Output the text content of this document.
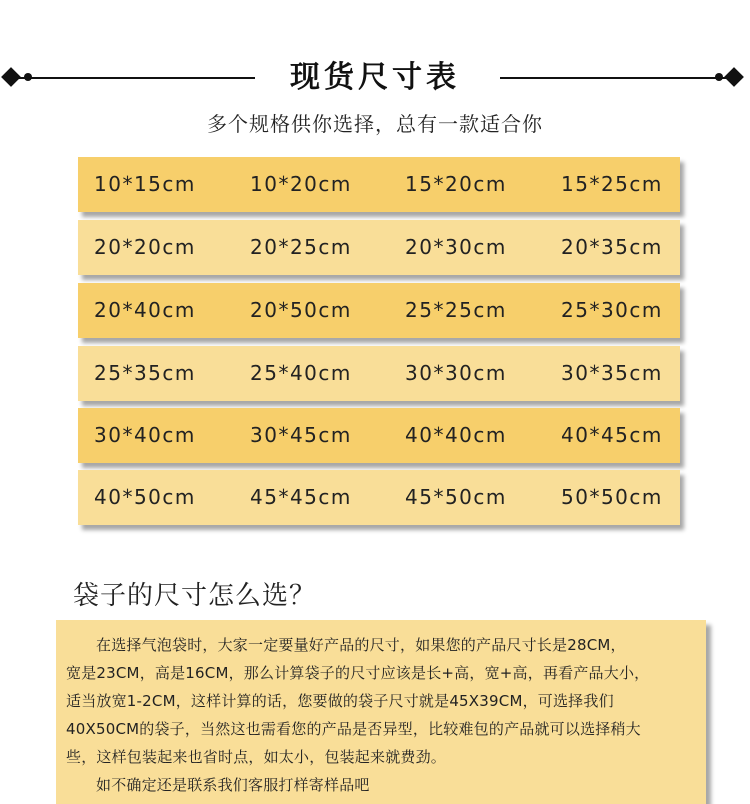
现货尺寸表
多个规格供你选择，总有一款适合你
10*15cm	10*20cm	15*20cm	15*25cm
20*20cm	20*25cm	20*30cm	20*35cm
20*40cm	20*50cm	25*25cm	25*30cm
25*35cm	25*40cm	30*30cm	30*35cm
30*40cm	30*45cm	40*40cm	40*45cm
40*50cm	45*45cm	45*50cm	50*50cm
袋子的尺寸怎么选？
在选择气泡袋时，大家一定要量好产品的尺寸，如果您的产品尺寸长是28CM，
宽是23CM，高是16CM，那么计算袋子的尺寸应该是长+高，宽+高，再看产品大小，
适当放宽1-2CM，这样计算的话，您要做的袋子尺寸就是45X39CM，可选择我们
40X50CM的袋子，当然这也需看您的产品是否异型，比较难包的产品就可以选择稍大
些，这样包装起来也省时点，如太小，包装起来就费劲。
如不确定还是联系我们客服打样寄样品吧
